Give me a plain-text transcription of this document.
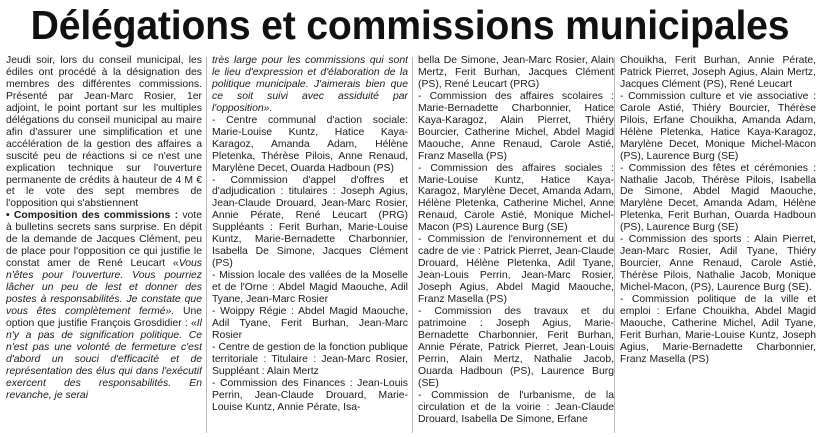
Délégations et commissions municipales

Jeudi soir, lors du conseil municipal, les édiles ont procédé à la désignation des membres des différentes commissions. Présenté par Jean-Marc Rosier, 1er adjoint, le point portant sur les multiples délégations du conseil municipal au maire afin d'assurer une simplification et une accélération de la gestion des affaires a suscité peu de réactions si ce n'est une explication technique sur l'ouverture permanente de crédits à hauteur de 4 M € et le vote des sept membres de l'opposition qui s'abstiennent

• Composition des commissions : vote à bulletins secrets sans surprise. En dépit de la demande de Jacques Clément, peu de place pour l'opposition ce qui justifie le constat amer de René Leucart «Vous n'êtes pour l'ouverture. Vous pourriez lâcher un peu de lest et donner des postes à responsabilités. Je constate que vous êtes complètement fermé». Une option que justifie François Grosdidier : «Il n'y a pas de signification politique. Ce n'est pas une volonté de fermeture c'est d'abord un souci d'efficacité et de représentation des élus qui dans l'exécutif exercent des responsabilités. En revanche, je serai

très large pour les commissions qui sont le lieu d'expression et d'élaboration de la politique municipale. J'aimerais bien que ce soit suivi avec assiduité par l'opposition».

- Centre communal d'action sociale: Marie-Louise Kuntz, Hatice Kaya-Karagoz, Amanda Adam, Hélène Pletenka, Thérèse Pilois, Anne Renaud, Marylène Decet, Ouarda Hadboun (PS)

- Commission d'appel d'offres et d'adjudication : titulaires : Joseph Agius, Jean-Claude Drouard, Jean-Marc Rosier, Annie Pérate, René Leucart (PRG) Suppléants : Ferit Burhan, Marie-Louise Kuntz, Marie-Bernadette Charbonnier, Isabella De Simone, Jacques Clément (PS)

- Mission locale des vallées de la Moselle et de l'Orne : Abdel Magid Maouche, Adil Tyane, Jean-Marc Rosier

- Woippy Régie : Abdel Magid Maouche, Adil Tyane, Ferit Burhan, Jean-Marc Rosier

- Centre de gestion de la fonction publique territoriale : Titulaire : Jean-Marc Rosier, Suppléant : Alain Mertz

- Commission des Finances : Jean-Louis Perrin, Jean-Claude Drouard, Marie-Louise Kuntz, Annie Pérate, Isa-

bella De Simone, Jean-Marc Rosier, Alain Mertz, Ferit Burhan, Jacques Clément (PS), René Leucart (PRG)

- Commission des affaires scolaires : Marie-Bernadette Charbonnier, Hatice Kaya-Karagoz, Alain Pierret, Thiéry Bourcier, Catherine Michel, Abdel Magid Maouche, Anne Renaud, Carole Astié, Franz Masella (PS)

- Commission des affaires sociales : Marie-Louise Kuntz, Hatice Kaya-Karagoz, Marylène Decet, Amanda Adam, Hélène Pletenka, Catherine Michel, Anne Renaud, Carole Astié, Monique Michel-Macon (PS) Laurence Burg (SE)

- Commission de l'environnement et du cadre de vie : Patrick Pierret, Jean-Claude Drouard, Hélène Pletenka, Adil Tyane, Jean-Louis Perrin, Jean-Marc Rosier, Joseph Agius, Abdel Magid Maouche, Franz Masella (PS)

- Commission des travaux et du patrimoine : Joseph Agius, Marie-Bernadette Charbonnier, Ferit Burhan, Annie Pérate, Patrick Pierret, Jean-Louis Perrin, Alain Mertz, Nathalie Jacob, Ouarda Hadboun (PS), Laurence Burg (SE)

- Commission de l'urbanisme, de la circulation et de la voirie : Jean-Claude Drouard, Isabella De Simone, Erfane

Chouikha, Ferit Burhan, Annie Pérate, Patrick Pierret, Joseph Agius, Alain Mertz, Jacques Clément (PS), René Leucart

- Commission culture et vie associative : Carole Astié, Thiéry Bourcier, Thérèse Pilois, Erfane Chouikha, Amanda Adam, Hélène Pletenka, Hatice Kaya-Karagoz, Marylène Decet, Monique Michel-Macon (PS), Laurence Burg (SE)

- Commission des fêtes et cérémonies : Nathalie Jacob, Thérèse Pilois, Isabella De Simone, Abdel Magid Maouche, Marylène Decet, Amanda Adam, Hélène Pletenka, Ferit Burhan, Ouarda Hadboun (PS), Laurence Burg (SE)

- Commission des sports : Alain Pierret, Jean-Marc Rosier, Adil Tyane, Thiéry Bourcier, Anne Renaud, Carole Astié, Thérèse Pilois, Nathalie Jacob, Monique Michel-Macon, (PS), Laurence Burg (SE).

- Commission politique de la ville et emploi : Erfane Chouikha, Abdel Magid Maouche, Catherine Michel, Adil Tyane, Ferit Burhan, Marie-Louise Kuntz, Joseph Agius, Marie-Bernadette Charbonnier, Franz Masella (PS)
